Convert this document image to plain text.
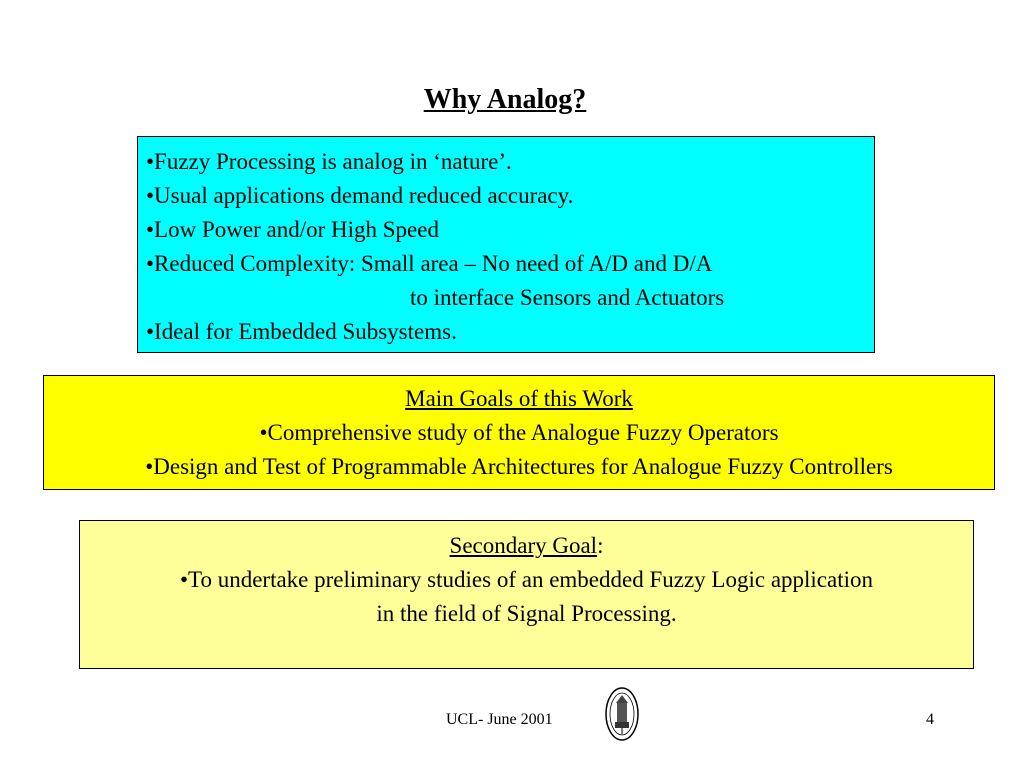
Why Analog?
•Fuzzy Processing is analog in ‘nature’.
•Usual applications demand reduced accuracy.
•Low Power and/or High Speed
•Reduced Complexity: Small area – No need of A/D and D/A
to interface Sensors and Actuators
•Ideal for Embedded Subsystems.
Main Goals of this Work
•Comprehensive study of the Analogue Fuzzy Operators
•Design and Test of Programmable Architectures for Analogue Fuzzy Controllers
Secondary Goal:
•To undertake preliminary studies of an embedded Fuzzy Logic application
in the field of Signal Processing.
UCL- June 2001	4
